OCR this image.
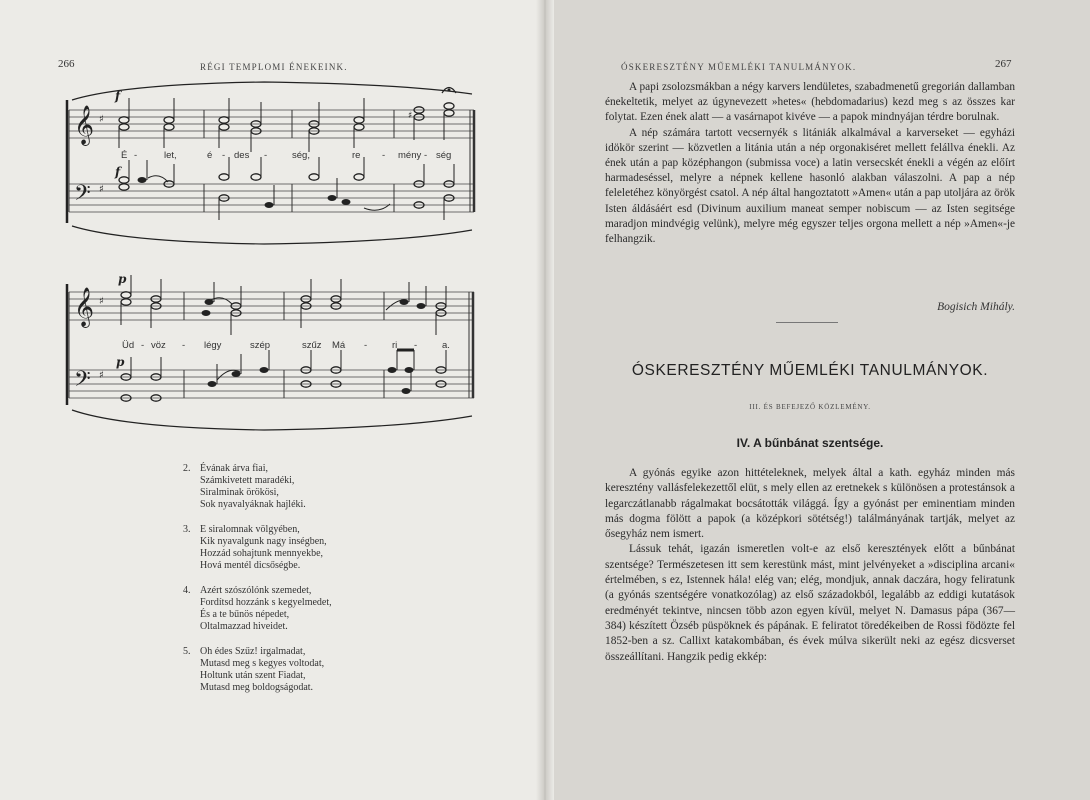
266	RÉGI TEMPLOMI ÉNEKEINK.
𝄞
𝄢
♯
♯
♯
f
f
É -	let,	é - des -	ség,	re - mény - ség
𝄞
𝄢
♯
♯
p
p
Üd - vöz - légy	szép	szűz Má -	ri -	a.
2. Évának árva fiai,
Számkivetett maradéki,
Siralminak örökösi,
Sok nyavalyáknak hajléki.
3. E siralomnak völgyében,
Kik nyavalgunk nagy inségben,
Hozzád sohajtunk mennyekbe,
Hová mentél dicsőségbe.
4. Azért szószólónk szemedet,
Fordítsd hozzánk s kegyelmedet,
És a te bűnös népedet,
Oltalmazzad hiveidet.
5. Oh édes Szűz! irgalmadat,
Mutasd meg s kegyes voltodat,
Holtunk után szent Fiadat,
Mutasd meg boldogságodat.
ÓSKERESZTÉNY MŰEMLÉKI TANULMÁNYOK.	267

A papi zsolozsmákban a négy karvers lendületes, szabadmenetű gregorián dallamban énekeltetik, melyet az úgynevezett »hetes« (hebdomadarius) kezd meg s az összes kar folytat. Ezen ének alatt — a vasárnapot kivéve — a papok mindnyájan térdre borulnak.

A nép számára tartott vecsernyék s litániák alkalmával a karverseket — egyházi idökör szerint — közvetlen a litánia után a nép orgonakiséret mellett felállva énekli. Az ének után a pap középhangon (submissa voce) a latin versecskét énekli a végén az előírt harmadeséssel, melyre a népnek kellene hasonló alakban válaszolni. A pap a nép feleletéhez könyörgést csatol. A nép által hangoztatott »Amen« után a pap utoljára az örök Isten áldásáért esd (Divinum auxilium maneat semper nobiscum — az Isten segitsége maradjon mindvégig velünk), melyre még egyszer teljes orgona mellett a nép »Amen«-je felhangzik.

Bogisich Mihály.
ÓSKERESZTÉNY MŰEMLÉKI TANULMÁNYOK.
III. ÉS BEFEJEZŐ KÖZLEMÉNY.
IV. A bűnbánat szentsége.

A gyónás egyike azon hittételeknek, melyek által a kath. egyház minden más keresztény vallásfelekezettől elüt, s mely ellen az eretnekek s különösen a protestánsok a legarczátlanabb rágalmakat bocsátották világgá. Így a gyónást per eminentiam minden más dogma fölött a papok (a középkori sötétség!) találmányának tartják, melyet az ősegyház nem ismert.

Lássuk tehát, igazán ismeretlen volt-e az első keresztények előtt a bűnbánat szentsége? Természetesen itt sem kerestünk mást, mint jelvényeket a »disciplina arcani« értelmében, s ez, Istennek hála! elég van; elég, mondjuk, annak daczára, hogy feliratunk (a gyónás szentségére vonatkozólag) az első századokból, legalább az eddigi kutatások eredményét tekintve, nincsen több azon egyen kívül, melyet N. Damasus pápa (367—384) készített Özséb püspöknek és pápának. E feliratot töredékeiben de Rossi födözte fel 1852-ben a sz. Callixt katakombában, és évek múlva sikerült neki az egész dicsverset összeállítani. Hangzik pedig ekkép:
